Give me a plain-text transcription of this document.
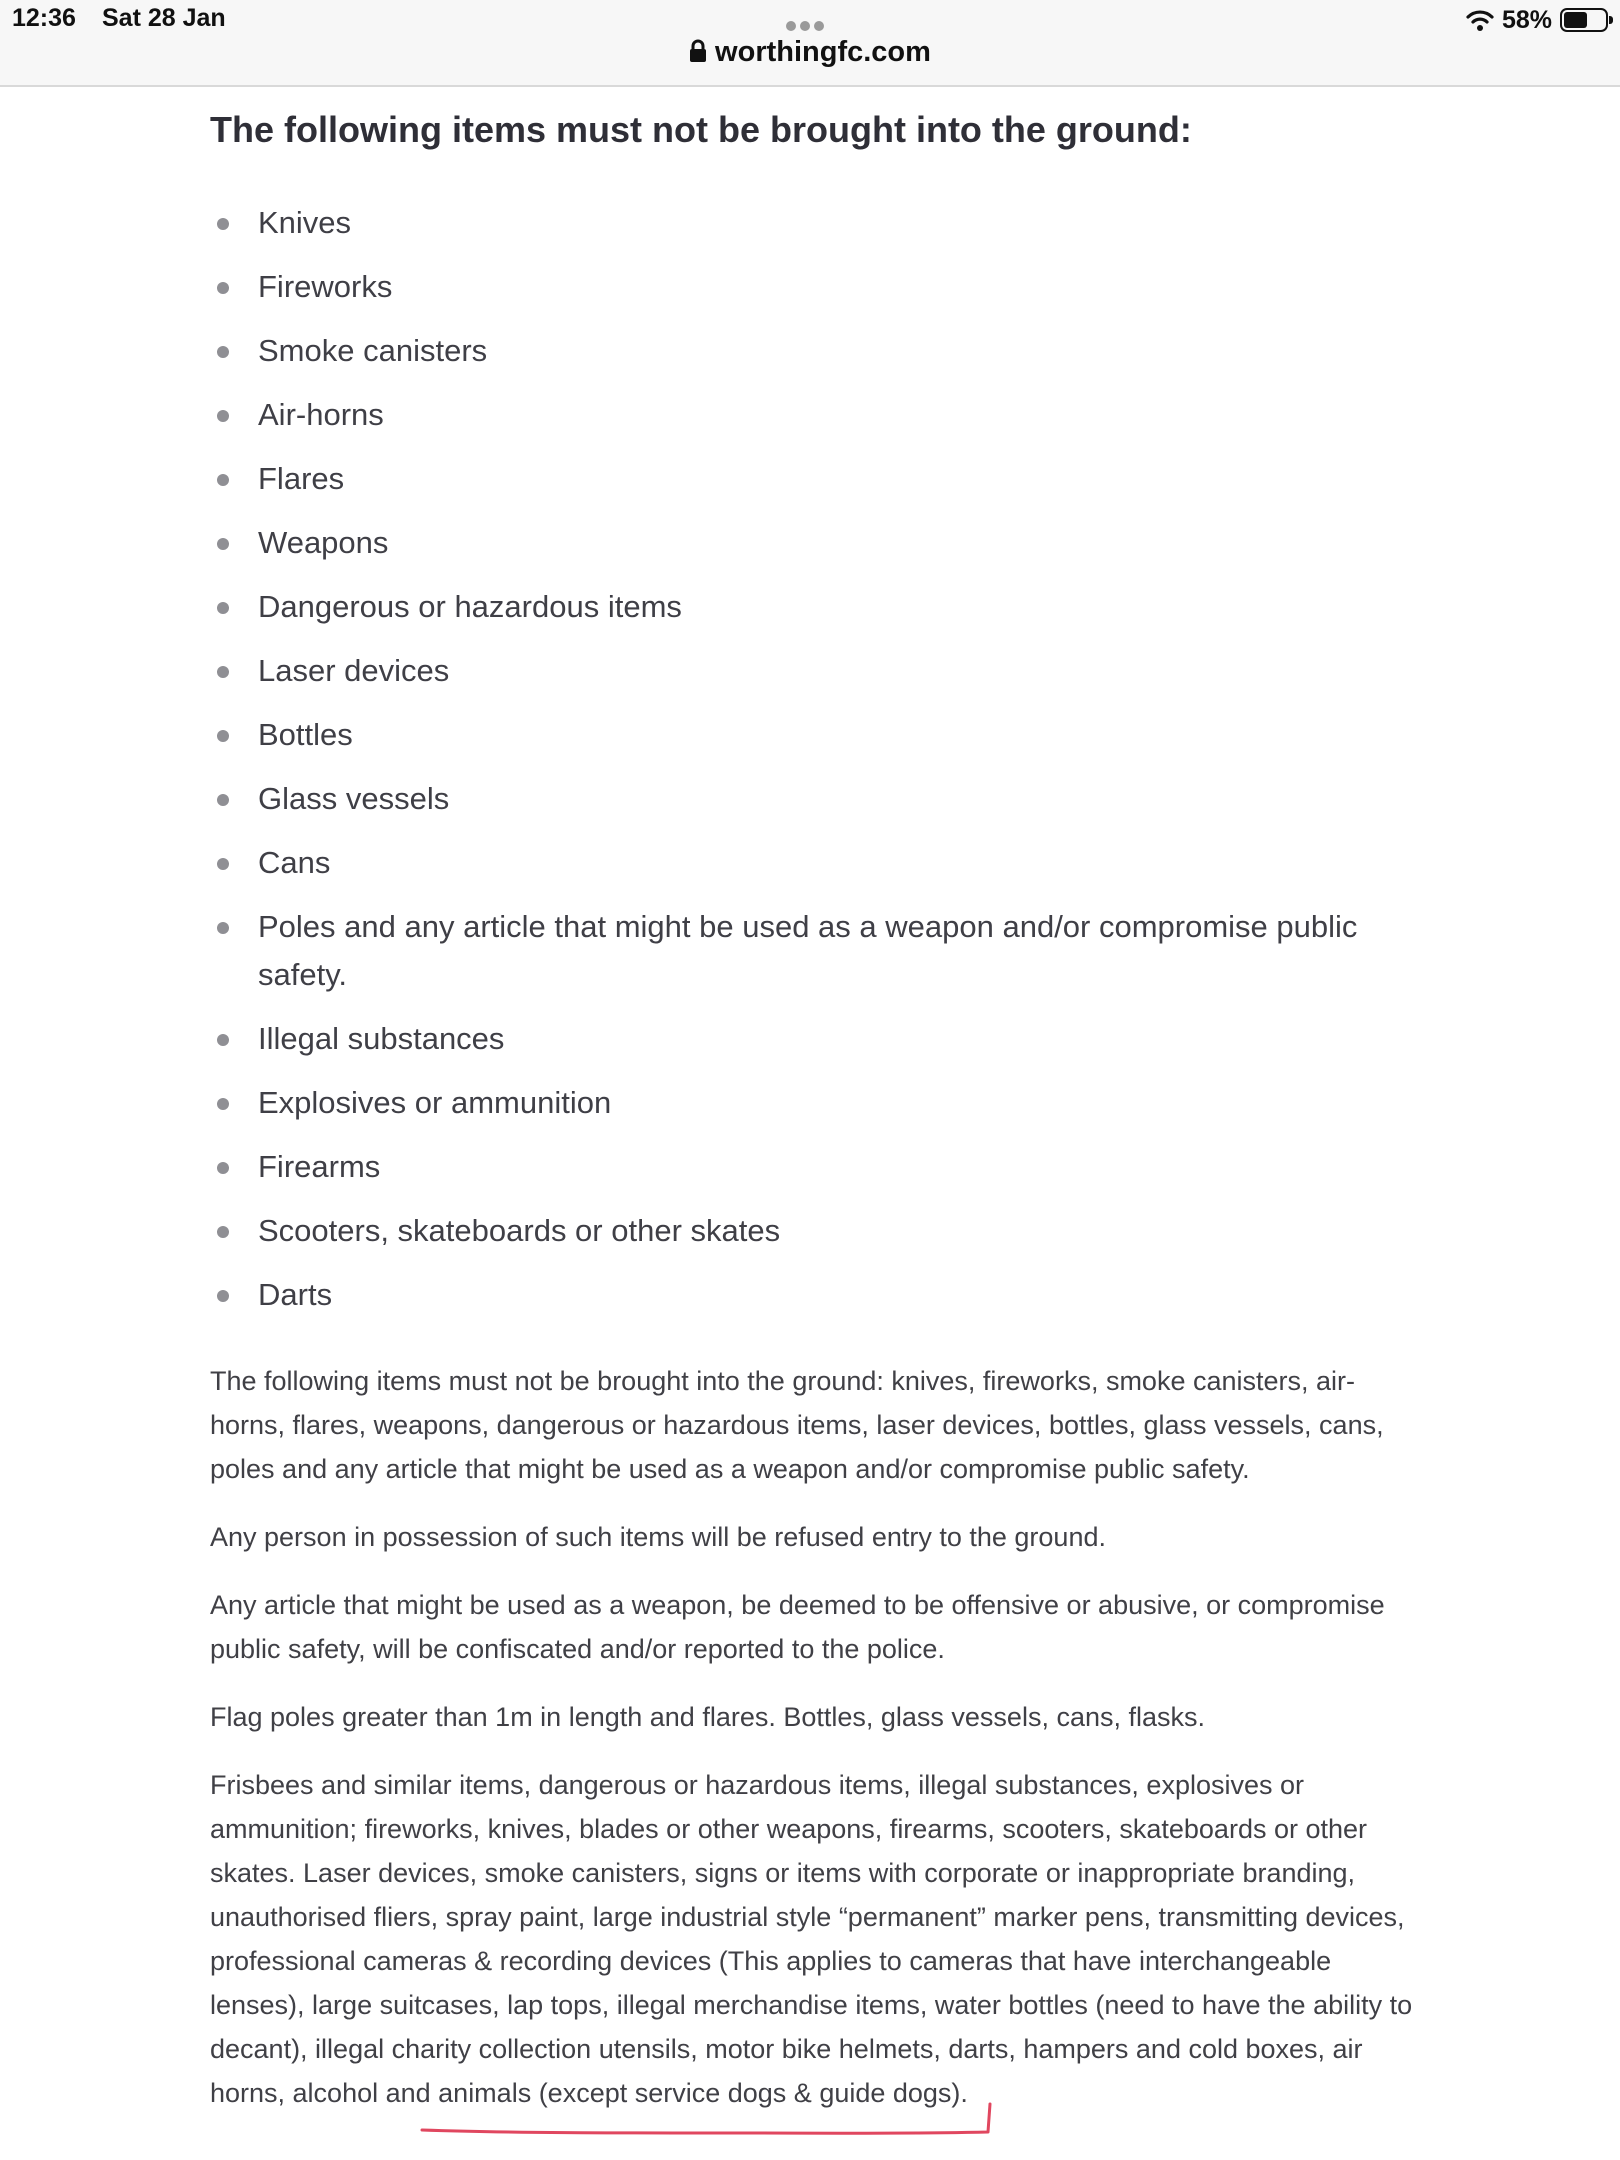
12:36 Sat 28 Jan
worthingfc.com
58%
The following items must not be brought into the ground:
Knives
Fireworks
Smoke canisters
Air-horns
Flares
Weapons
Dangerous or hazardous items
Laser devices
Bottles
Glass vessels
Cans
Poles and any article that might be used as a weapon and/or compromise public safety.
Illegal substances
Explosives or ammunition
Firearms
Scooters, skateboards or other skates
Darts

The following items must not be brought into the ground: knives, fireworks, smoke canisters, air-horns, flares, weapons, dangerous or hazardous items, laser devices, bottles, glass vessels, cans, poles and any article that might be used as a weapon and/or compromise public safety.

Any person in possession of such items will be refused entry to the ground.

Any article that might be used as a weapon, be deemed to be offensive or abusive, or compromise public safety, will be confiscated and/or reported to the police.

Flag poles greater than 1m in length and flares. Bottles, glass vessels, cans, flasks.

Frisbees and similar items, dangerous or hazardous items, illegal substances, explosives or ammunition; fireworks, knives, blades or other weapons, firearms, scooters, skateboards or other skates. Laser devices, smoke canisters, signs or items with corporate or inappropriate branding, unauthorised fliers, spray paint, large industrial style “permanent” marker pens, transmitting devices, professional cameras & recording devices (This applies to cameras that have interchangeable lenses), large suitcases, lap tops, illegal merchandise items, water bottles (need to have the ability to decant), illegal charity collection utensils, motor bike helmets, darts, hampers and cold boxes, air horns, alcohol and animals (except service dogs & guide dogs).
